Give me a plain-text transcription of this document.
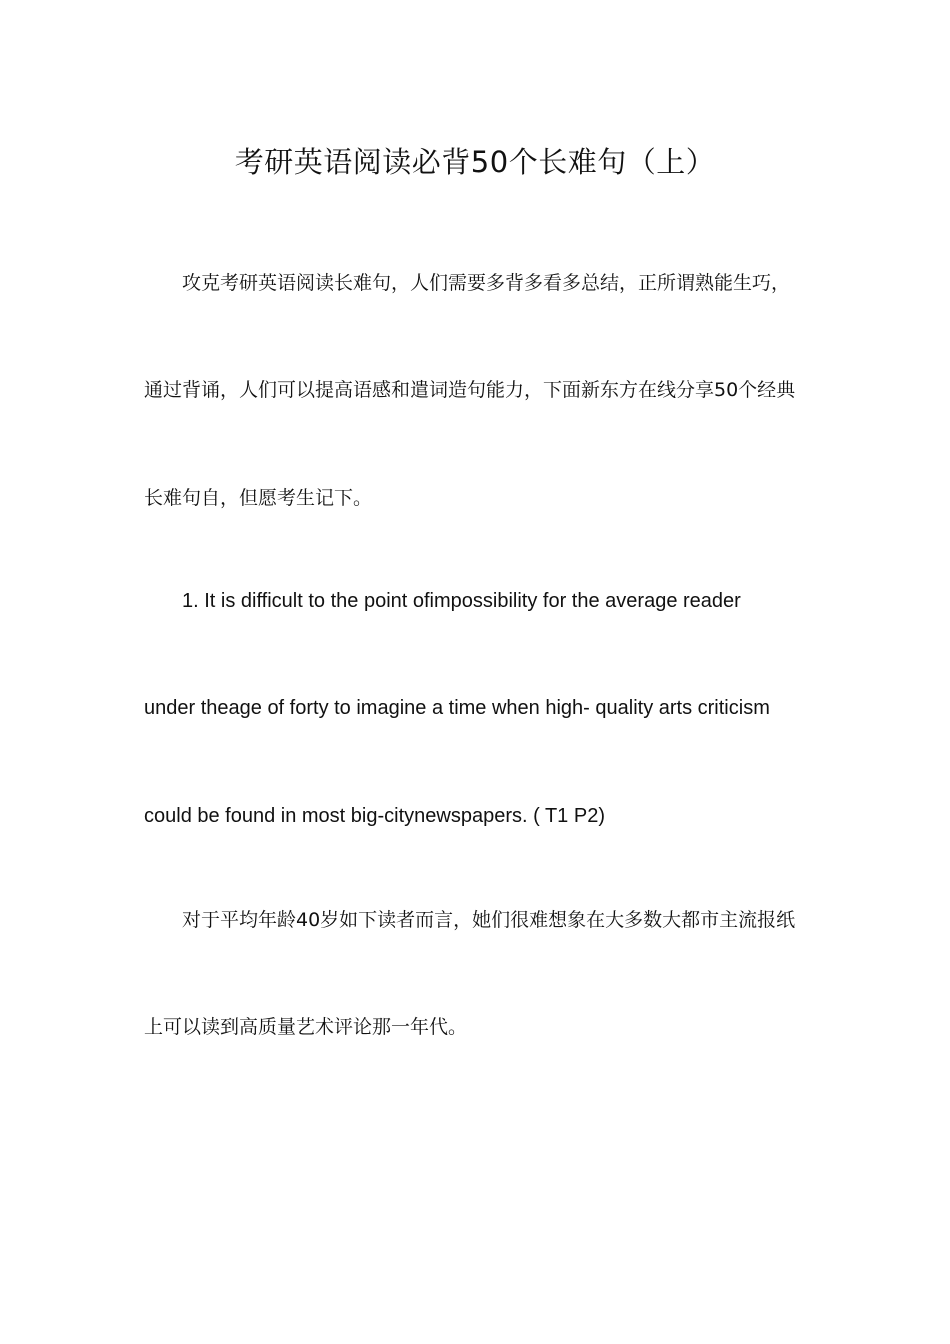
考研英语阅读必背50个长难句（上）

攻克考研英语阅读长难句，人们需要多背多看多总结，正所谓熟能生巧，

通过背诵，人们可以提高语感和遣词造句能力，下面新东方在线分享50个经典

长难句自，但愿考生记下。

1. It is difficult to the point ofimpossibility for the average reader

under theage of forty to imagine a time when high- quality arts criticism

could be found in most big-citynewspapers. ( T1 P2)

对于平均年龄40岁如下读者而言，她们很难想象在大多数大都市主流报纸

上可以读到高质量艺术评论那一年代。
